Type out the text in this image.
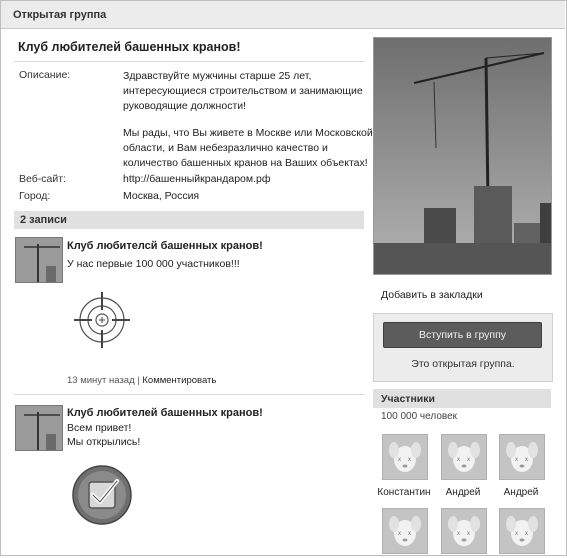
Открытая группа
Клуб любителей башенных кранов!
Описание:	Здравствуйте мужчины старше 25 лет,
интересующиеся строительством и занимающие
руководящие должности!
Мы рады, что Вы живете в Москве или Московской
области, и Вам небезразлично качество и
количество башенных кранов на Ваших объектах!
Веб-сайт:	http://башенныйкрандаром.рф
Город:	Москва, Россия
2 записи
Клуб любителсй башенных кранов!
У нас первые 100 000 участников!!!
13 минут назад | Комментировать
Клуб любителей башенных кранов!
Всем привет!
Мы открылись!
Добавить в закладки
Вступить в группу
Это открытая группа.
Участники
100 000 человек
x x	x x	x x
Константин	Андрей	Андрей
x x	x x	x x
